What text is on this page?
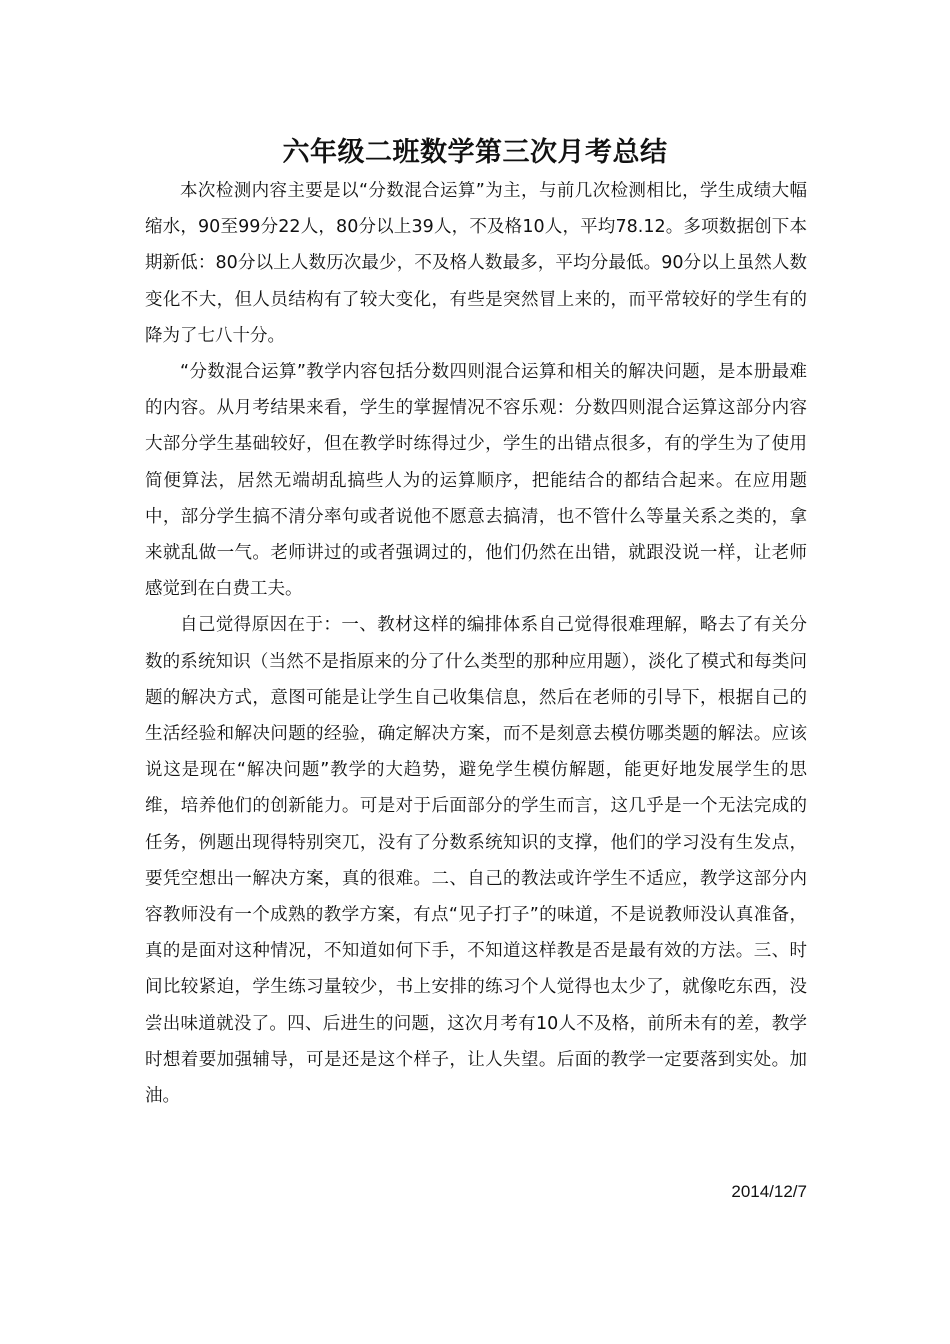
六年级二班数学第三次月考总结

本次检测内容主要是以“分数混合运算”为主，与前几次检测相比，学生成绩大幅缩水，90至99分22人，80分以上39人，不及格10人，平均78.12。多项数据创下本期新低：80分以上人数历次最少，不及格人数最多，平均分最低。90分以上虽然人数变化不大，但人员结构有了较大变化，有些是突然冒上来的，而平常较好的学生有的降为了七八十分。

“分数混合运算”教学内容包括分数四则混合运算和相关的解决问题，是本册最难的内容。从月考结果来看，学生的掌握情况不容乐观：分数四则混合运算这部分内容大部分学生基础较好，但在教学时练得过少，学生的出错点很多，有的学生为了使用简便算法，居然无端胡乱搞些人为的运算顺序，把能结合的都结合起来。在应用题中，部分学生搞不清分率句或者说他不愿意去搞清，也不管什么等量关系之类的，拿来就乱做一气。老师讲过的或者强调过的，他们仍然在出错，就跟没说一样，让老师感觉到在白费工夫。

自己觉得原因在于：一、教材这样的编排体系自己觉得很难理解，略去了有关分数的系统知识（当然不是指原来的分了什么类型的那种应用题），淡化了模式和每类问题的解决方式，意图可能是让学生自己收集信息，然后在老师的引导下，根据自己的生活经验和解决问题的经验，确定解决方案，而不是刻意去模仿哪类题的解法。应该说这是现在“解决问题”教学的大趋势，避免学生模仿解题，能更好地发展学生的思维，培养他们的创新能力。可是对于后面部分的学生而言，这几乎是一个无法完成的任务，例题出现得特别突兀，没有了分数系统知识的支撑，他们的学习没有生发点，要凭空想出一解决方案，真的很难。二、自己的教法或许学生不适应，教学这部分内容教师没有一个成熟的教学方案，有点“见子打子”的味道，不是说教师没认真准备，真的是面对这种情况，不知道如何下手，不知道这样教是否是最有效的方法。三、时间比较紧迫，学生练习量较少，书上安排的练习个人觉得也太少了，就像吃东西，没尝出味道就没了。四、后进生的问题，这次月考有10人不及格，前所未有的差，教学时想着要加强辅导，可是还是这个样子，让人失望。后面的教学一定要落到实处。加油。

2014/12/7
